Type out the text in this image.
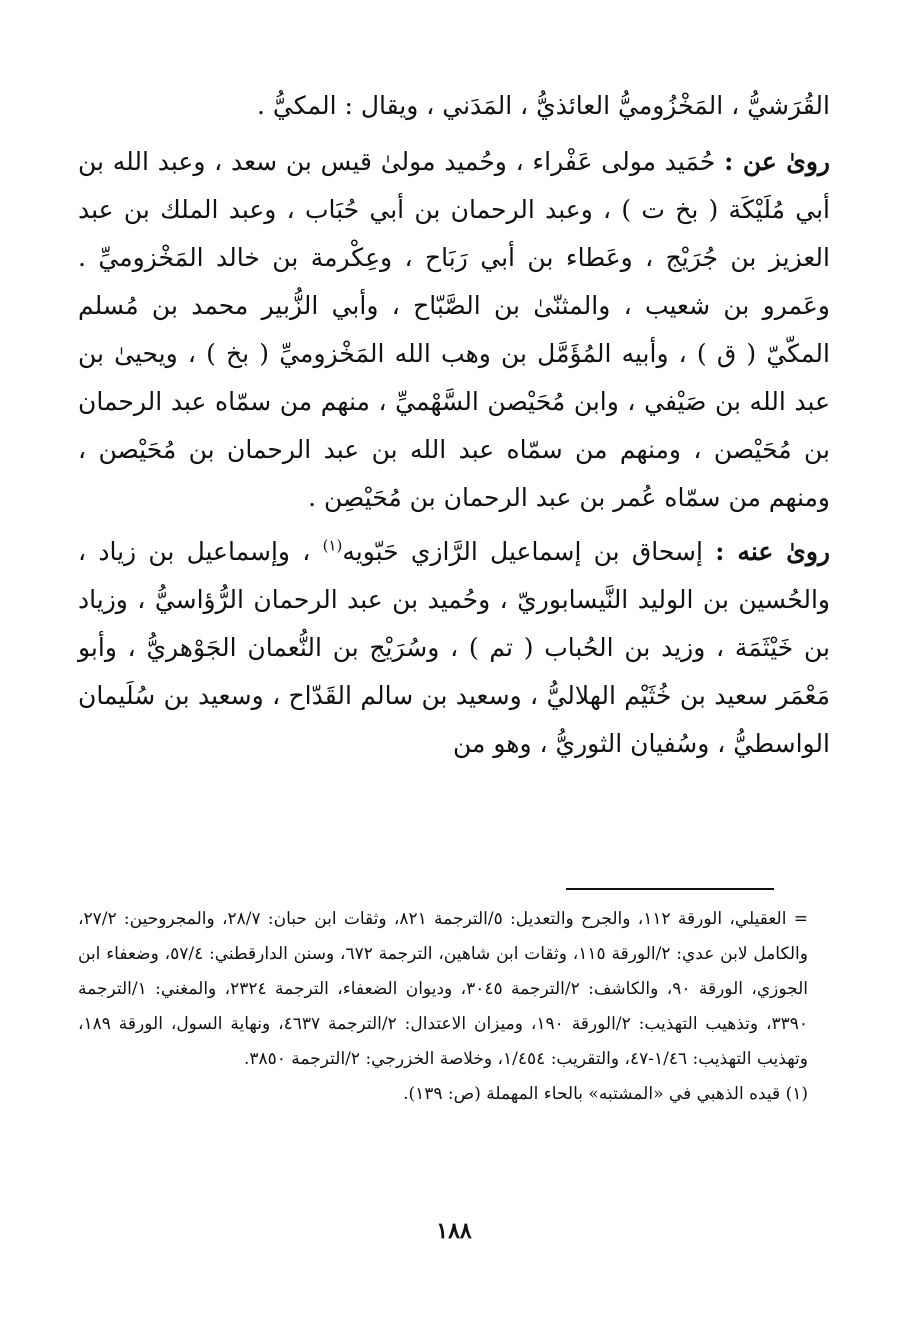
القُرَشيُّ ، المَخْزُوميُّ العائذيُّ ، المَدَني ، ويقال : المكيُّ .

روىٰ عن : حُمَيد مولى عَفْراء ، وحُميد مولىٰ قيس بن سعد ، وعبد الله بن أبي مُلَيْكَة ( بخ ت ) ، وعبد الرحمان بن أبي حُبَاب ، وعبد الملك بن عبد العزيز بن جُرَيْج ، وعَطاء بن أبي رَبَاح ، وعِكْرمة بن خالد المَخْزوميِّ . وعَمرو بن شعيب ، والمثنّىٰ بن الصَّبّاح ، وأبي الزُّبير محمد بن مُسلم المكّيّ ( ق ) ، وأبيه المُؤَمَّل بن وهب الله المَخْزوميِّ ( بخ ) ، ويحيىٰ بن عبد الله بن صَيْفي ، وابن مُحَيْصن السَّهْميِّ ، منهم من سمّاه عبد الرحمان بن مُحَيْصن ، ومنهم من سمّاه عبد الله بن عبد الرحمان بن مُحَيْصن ، ومنهم من سمّاه عُمر بن عبد الرحمان بن مُحَيْصِن .

روىٰ عنه : إسحاق بن إسماعيل الرَّازي حَبّويه$^{(١)}$ ، وإسماعيل بن زياد ، والحُسين بن الوليد النَّيسابوريّ ، وحُميد بن عبد الرحمان الرُّؤاسيُّ ، وزياد بن خَيْثَمَة ، وزيد بن الحُباب ( تم ) ، وسُرَيْج بن النُّعمان الجَوْهريُّ ، وأبو مَعْمَر سعيد بن خُثَيْم الهلاليُّ ، وسعيد بن سالم القَدّاح ، وسعيد بن سُلَيمان الواسطيُّ ، وسُفيان الثوريُّ ، وهو من

= العقيلي، الورقة ١١٢، والجرح والتعديل: ٥/الترجمة ٨٢١، وثقات ابن حبان: ٢٨/٧، والمجروحين: ٢٧/٢، والكامل لابن عدي: ٢/الورقة ١١٥، وثقات ابن شاهين، الترجمة ٦٧٢، وسنن الدارقطني: ٥٧/٤، وضعفاء ابن الجوزي، الورقة ٩٠، والكاشف: ٢/الترجمة ٣٠٤٥، وديوان الضعفاء، الترجمة ٢٣٢٤، والمغني: ١/الترجمة ٣٣٩٠، وتذهيب التهذيب: ٢/الورقة ١٩٠، وميزان الاعتدال: ٢/الترجمة ٤٦٣٧، ونهاية السول، الورقة ١٨٩، وتهذيب التهذيب: ١/٤٦-٤٧، والتقريب: ١/٤٥٤، وخلاصة الخزرجي: ٢/الترجمة ٣٨٥٠.

(١) قيده الذهبي في «المشتبه» بالحاء المهملة (ص: ١٣٩).

١٨٨
